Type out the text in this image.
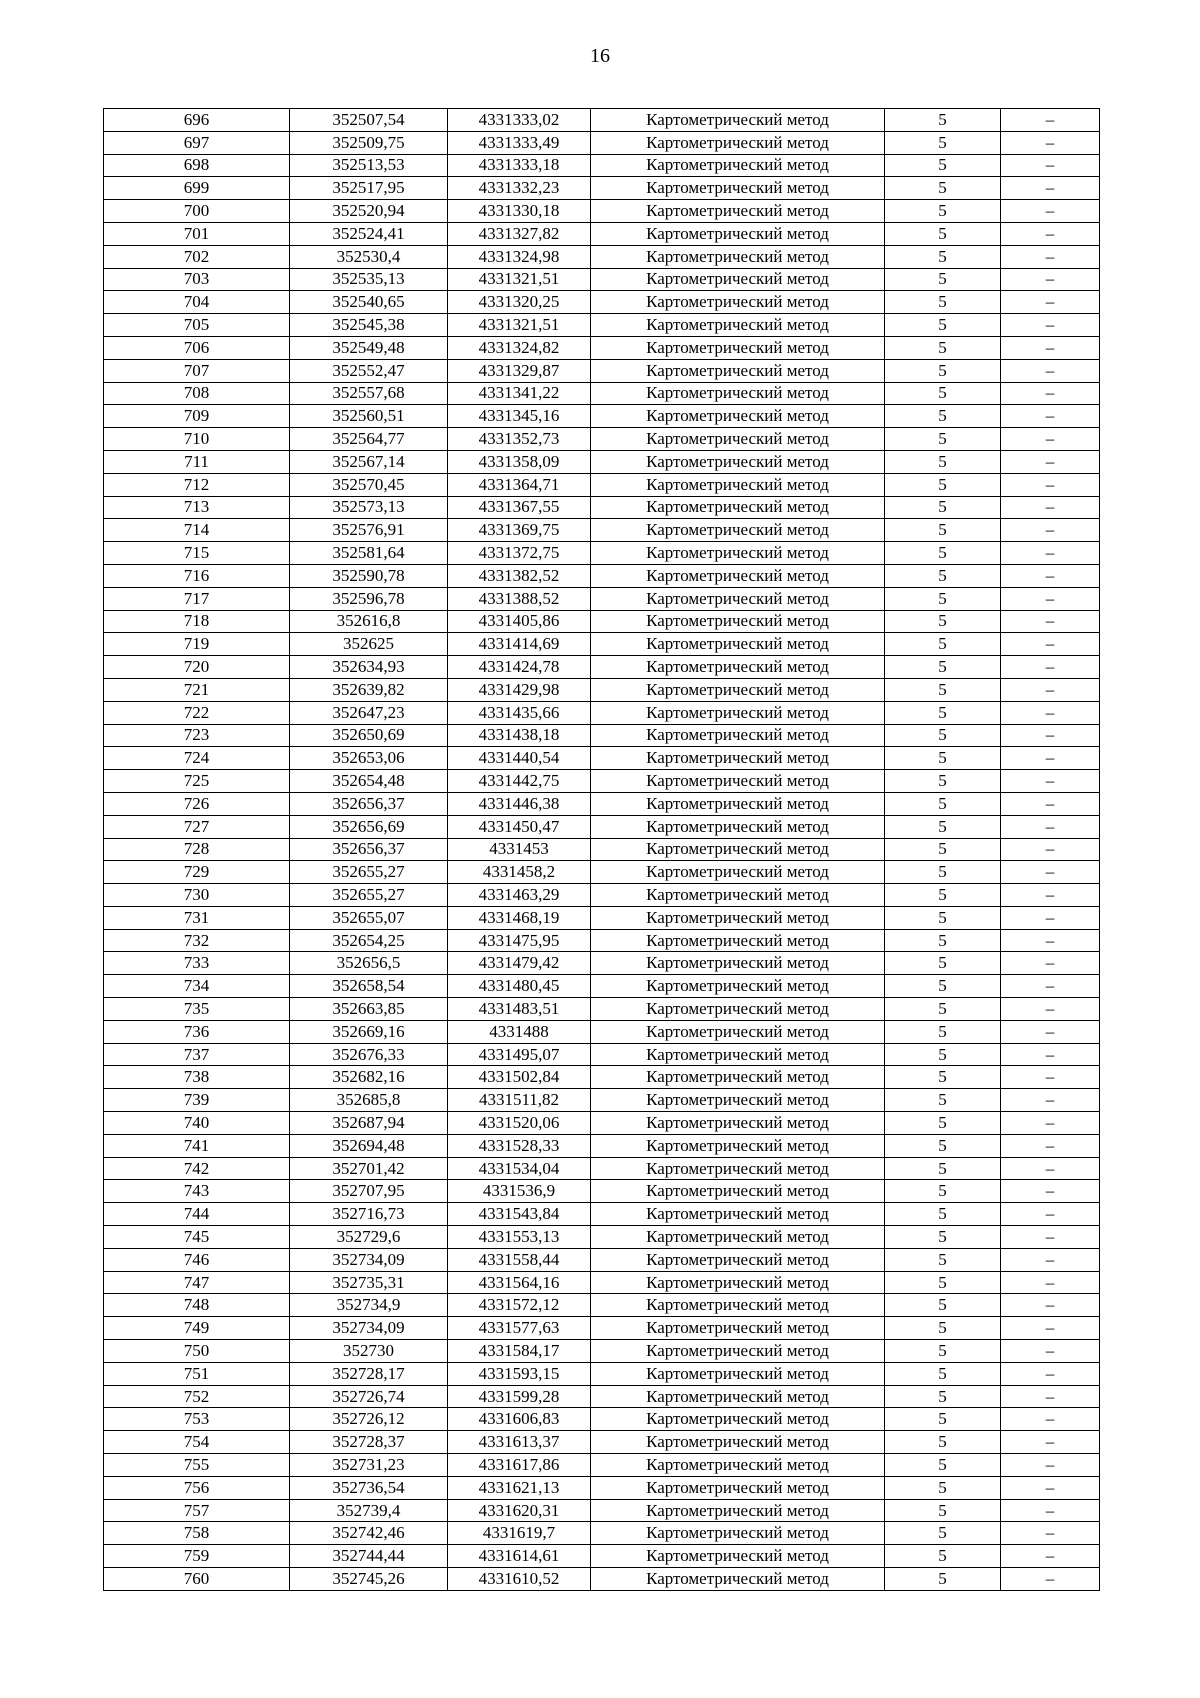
16
696	352507,54	4331333,02	Картометрический метод	5	–
697	352509,75	4331333,49	Картометрический метод	5	–
698	352513,53	4331333,18	Картометрический метод	5	–
699	352517,95	4331332,23	Картометрический метод	5	–
700	352520,94	4331330,18	Картометрический метод	5	–
701	352524,41	4331327,82	Картометрический метод	5	–
702	352530,4	4331324,98	Картометрический метод	5	–
703	352535,13	4331321,51	Картометрический метод	5	–
704	352540,65	4331320,25	Картометрический метод	5	–
705	352545,38	4331321,51	Картометрический метод	5	–
706	352549,48	4331324,82	Картометрический метод	5	–
707	352552,47	4331329,87	Картометрический метод	5	–
708	352557,68	4331341,22	Картометрический метод	5	–
709	352560,51	4331345,16	Картометрический метод	5	–
710	352564,77	4331352,73	Картометрический метод	5	–
711	352567,14	4331358,09	Картометрический метод	5	–
712	352570,45	4331364,71	Картометрический метод	5	–
713	352573,13	4331367,55	Картометрический метод	5	–
714	352576,91	4331369,75	Картометрический метод	5	–
715	352581,64	4331372,75	Картометрический метод	5	–
716	352590,78	4331382,52	Картометрический метод	5	–
717	352596,78	4331388,52	Картометрический метод	5	–
718	352616,8	4331405,86	Картометрический метод	5	–
719	352625	4331414,69	Картометрический метод	5	–
720	352634,93	4331424,78	Картометрический метод	5	–
721	352639,82	4331429,98	Картометрический метод	5	–
722	352647,23	4331435,66	Картометрический метод	5	–
723	352650,69	4331438,18	Картометрический метод	5	–
724	352653,06	4331440,54	Картометрический метод	5	–
725	352654,48	4331442,75	Картометрический метод	5	–
726	352656,37	4331446,38	Картометрический метод	5	–
727	352656,69	4331450,47	Картометрический метод	5	–
728	352656,37	4331453	Картометрический метод	5	–
729	352655,27	4331458,2	Картометрический метод	5	–
730	352655,27	4331463,29	Картометрический метод	5	–
731	352655,07	4331468,19	Картометрический метод	5	–
732	352654,25	4331475,95	Картометрический метод	5	–
733	352656,5	4331479,42	Картометрический метод	5	–
734	352658,54	4331480,45	Картометрический метод	5	–
735	352663,85	4331483,51	Картометрический метод	5	–
736	352669,16	4331488	Картометрический метод	5	–
737	352676,33	4331495,07	Картометрический метод	5	–
738	352682,16	4331502,84	Картометрический метод	5	–
739	352685,8	4331511,82	Картометрический метод	5	–
740	352687,94	4331520,06	Картометрический метод	5	–
741	352694,48	4331528,33	Картометрический метод	5	–
742	352701,42	4331534,04	Картометрический метод	5	–
743	352707,95	4331536,9	Картометрический метод	5	–
744	352716,73	4331543,84	Картометрический метод	5	–
745	352729,6	4331553,13	Картометрический метод	5	–
746	352734,09	4331558,44	Картометрический метод	5	–
747	352735,31	4331564,16	Картометрический метод	5	–
748	352734,9	4331572,12	Картометрический метод	5	–
749	352734,09	4331577,63	Картометрический метод	5	–
750	352730	4331584,17	Картометрический метод	5	–
751	352728,17	4331593,15	Картометрический метод	5	–
752	352726,74	4331599,28	Картометрический метод	5	–
753	352726,12	4331606,83	Картометрический метод	5	–
754	352728,37	4331613,37	Картометрический метод	5	–
755	352731,23	4331617,86	Картометрический метод	5	–
756	352736,54	4331621,13	Картометрический метод	5	–
757	352739,4	4331620,31	Картометрический метод	5	–
758	352742,46	4331619,7	Картометрический метод	5	–
759	352744,44	4331614,61	Картометрический метод	5	–
760	352745,26	4331610,52	Картометрический метод	5	–
